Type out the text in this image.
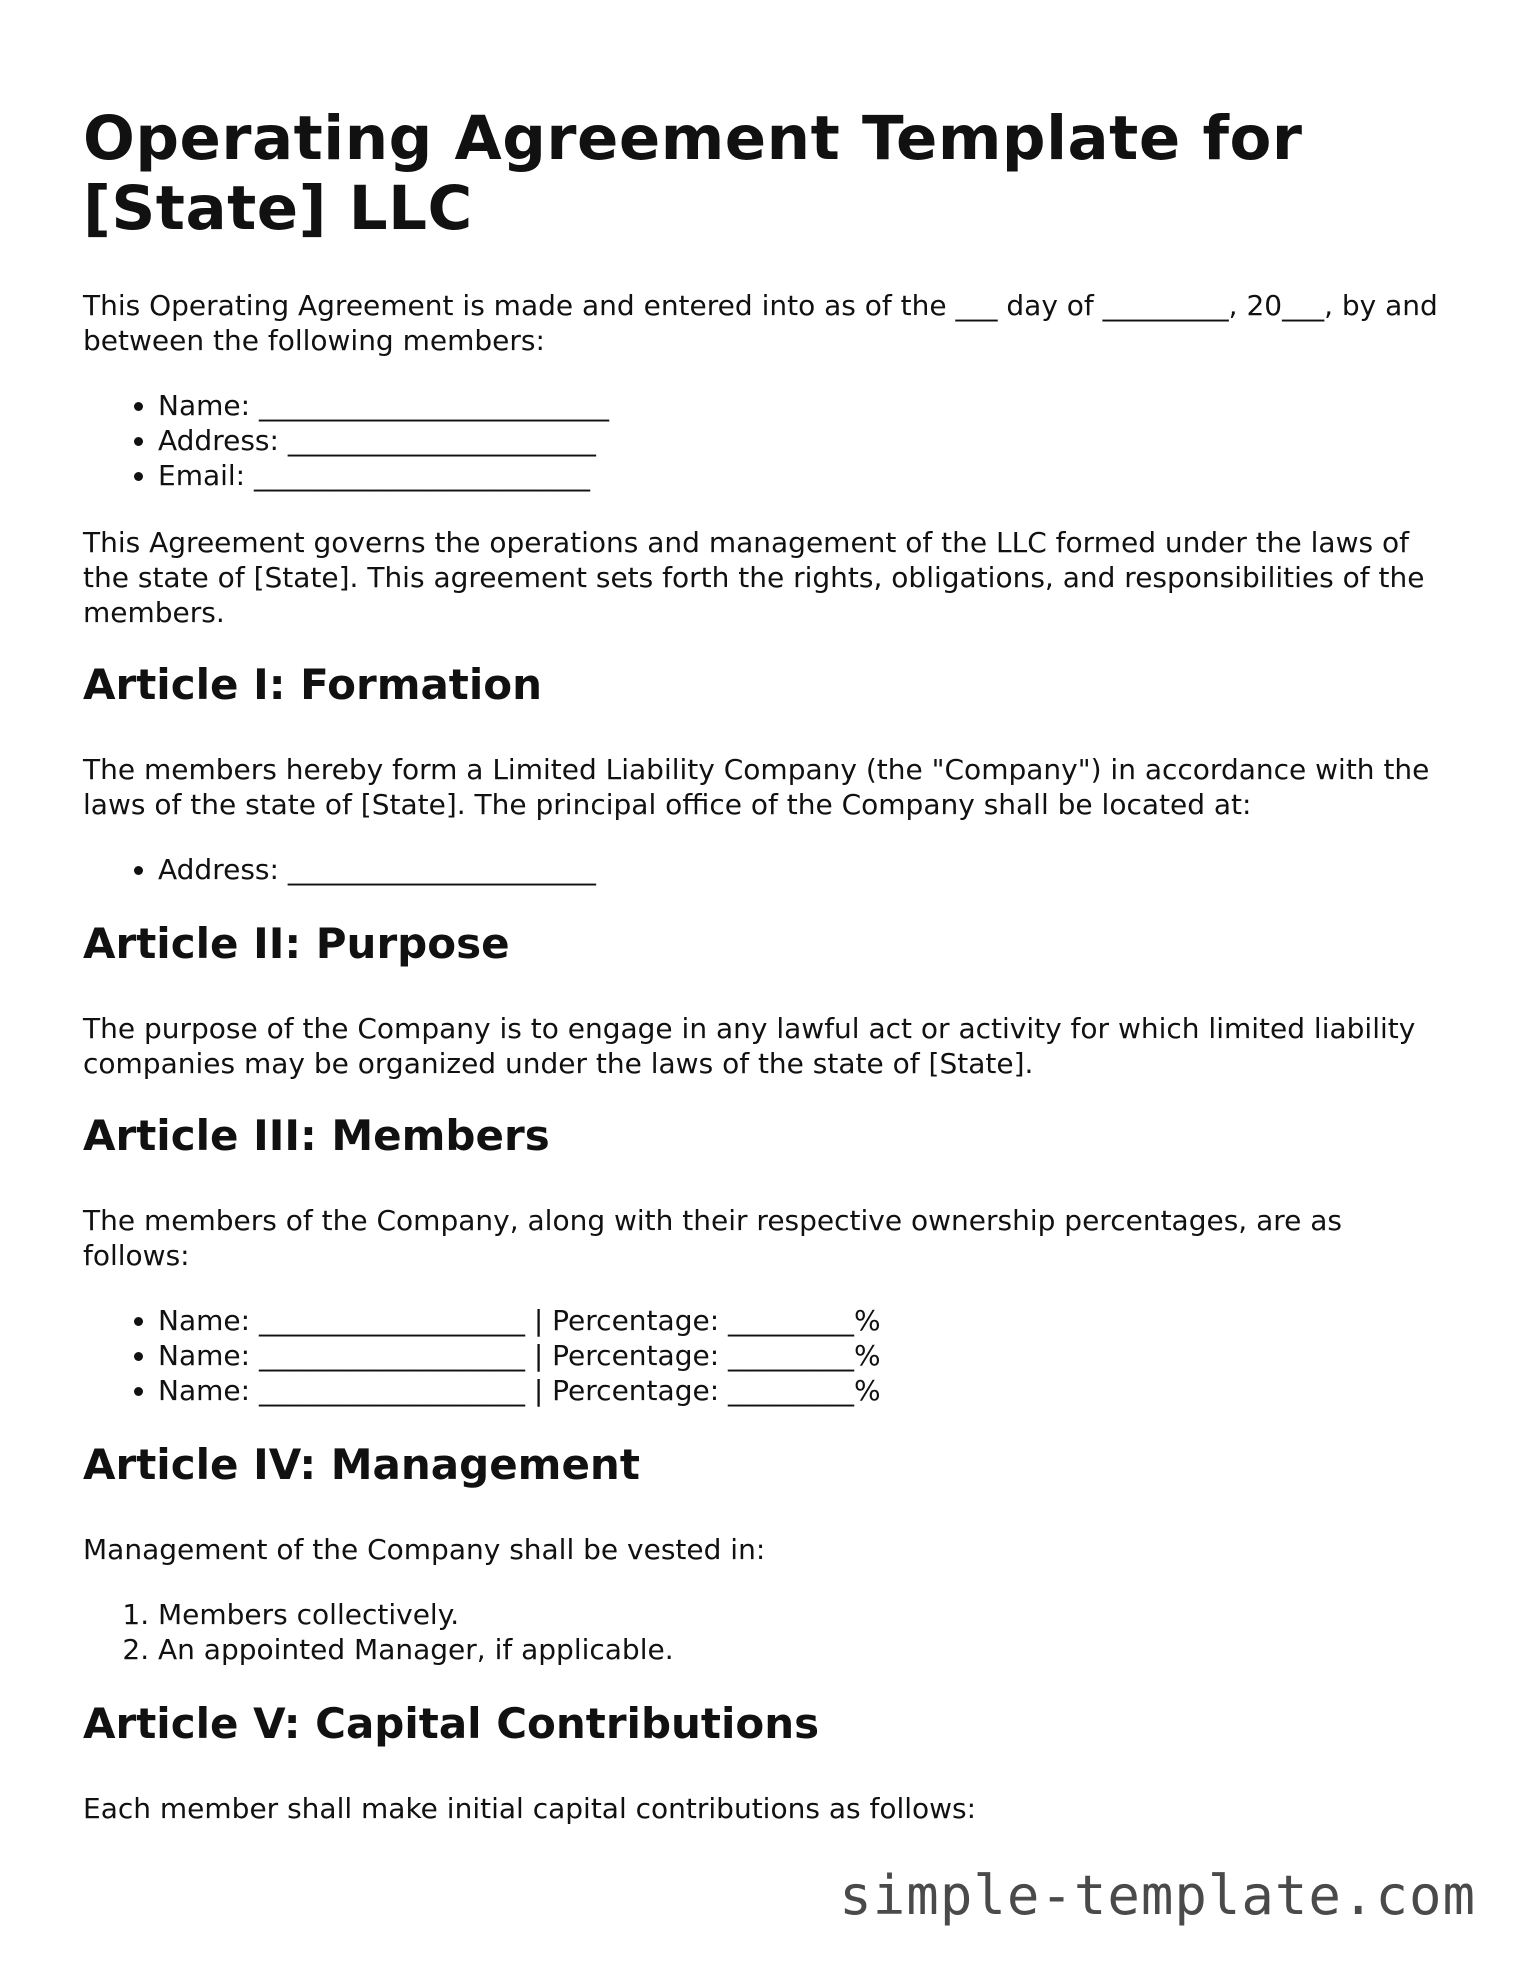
Operating Agreement Template for [State] LLC

This Operating Agreement is made and entered into as of the ___ day of _________, 20___, by and between the following members:

• Name: _________________________
• Address: ______________________
• Email: ________________________

This Agreement governs the operations and management of the LLC formed under the laws of the state of [State]. This agreement sets forth the rights, obligations, and responsibilities of the members.

Article I: Formation

The members hereby form a Limited Liability Company (the "Company") in accordance with the laws of the state of [State]. The principal office of the Company shall be located at:

• Address: ______________________
Article II: Purpose

The purpose of the Company is to engage in any lawful act or activity for which limited liability companies may be organized under the laws of the state of [State].

Article III: Members

The members of the Company, along with their respective ownership percentages, are as follows:

• Name: ___________________ | Percentage: _________%
• Name: ___________________ | Percentage: _________%
• Name: ___________________ | Percentage: _________%
Article IV: Management

Management of the Company shall be vested in:

1. Members collectively.
2. An appointed Manager, if applicable.
Article V: Capital Contributions

Each member shall make initial capital contributions as follows:

simple-template.com
